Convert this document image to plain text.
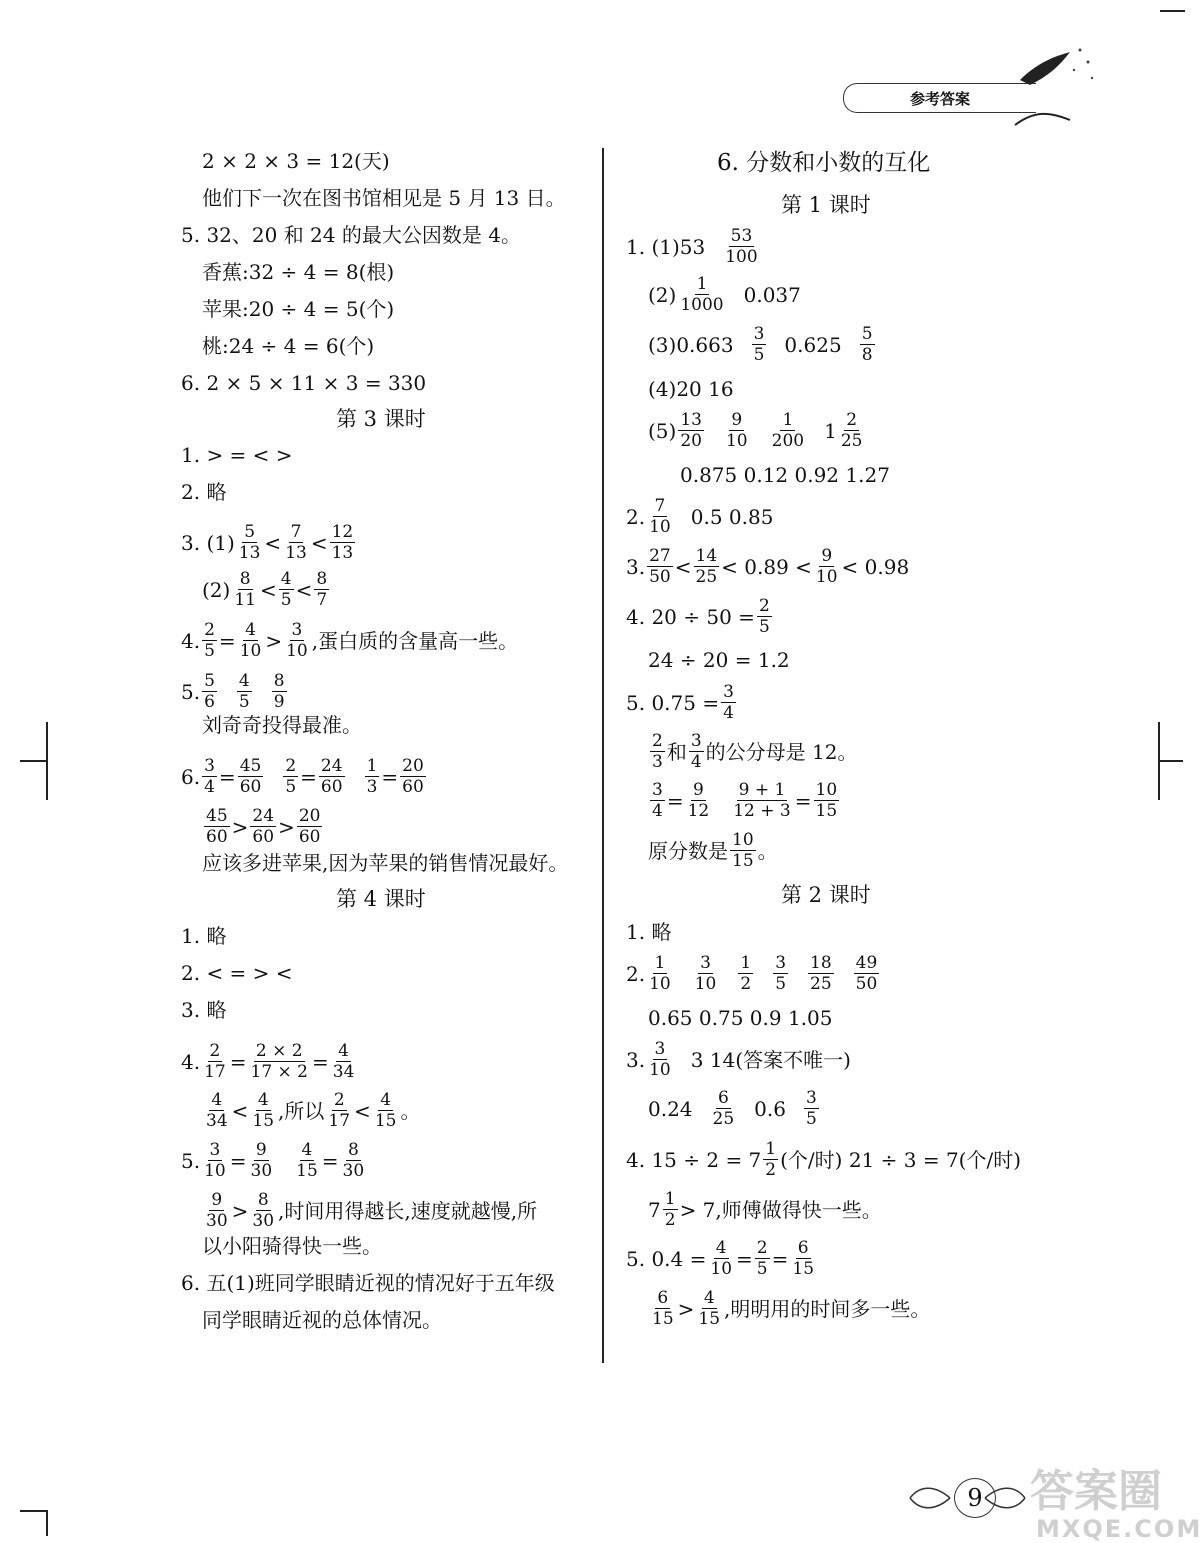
参考答案
2 × 2 × 3 = 12(天)
他们下一次在图书馆相见是 5 月 13 日。
5. 32、20 和 24 的最大公因数是 4。
香蕉:32 ÷ 4 = 8(根)
苹果:20 ÷ 4 = 5(个)
桃:24 ÷ 4 = 6(个)
6. 2 × 5 × 11 × 3 = 330
第 3 课时
1. > = < >
2. 略
3. $(1) \frac{5}{13} < \frac{7}{13} < \frac{12}{13}$
$(2) \frac{8}{11} < \frac{4}{5} < \frac{8}{7}$
4. $\frac{2}{5} = \frac{4}{10} > \frac{3}{10}$ ,蛋白质的含量高一些。
5. $\frac{5}{6} \frac{4}{5} \frac{8}{9}$
刘奇奇投得最准。
6. $\frac{3}{4} = \frac{45}{60} \frac{2}{5} = \frac{24}{60} \frac{1}{3} = \frac{20}{60}$
$\frac{45}{60} > \frac{24}{60} > \frac{20}{60}$
应该多进苹果,因为苹果的销售情况最好。
第 4 课时
1. 略
2. < = > <
3. 略
4. $\frac{2}{17} = \frac{2 \times 2}{17 \times 2} = \frac{4}{34}$
$\frac{4}{34} < \frac{4}{15}$ ,所以 $\frac{2}{17} < \frac{4}{15}$ 。
5. $\frac{3}{10} = \frac{9}{30} \frac{4}{15} = \frac{8}{30}$
$\frac{9}{30} > \frac{8}{30}$ ,时间用得越长,速度就越慢,所
以小阳骑得快一些。
6. 五(1)班同学眼睛近视的情况好于五年级
同学眼睛近视的总体情况。
6. 分数和小数的互化
第 1 课时
1. $(1)53 \frac{53}{100}$
$(2) \frac{1}{1000} 0.037$
$(3)0.663 \frac{3}{5} 0.625 \frac{5}{8}$
(4)20 16
$(5) \frac{13}{20} \frac{9}{10} \frac{1}{200} 1 \frac{2}{25}$
0.875 0.12 0.92 1.27
2. $\frac{7}{10} 0.5$ 0.85
3. $\frac{27}{50} < \frac{14}{25} < 0.89 < \frac{9}{10} < 0.98$
4. $20 \div 50 = \frac{2}{5}$
24 ÷ 20 = 1.2
5. $0.75 = \frac{3}{4}$
$\frac{2}{3}$ 和 $\frac{3}{4}$ 的公分母是 12。
$\frac{3}{4} = \frac{9}{12} \frac{9 + 1}{12 + 3} = \frac{10}{15}$
原分数是 $\frac{10}{15}$ 。
第 2 课时
1. 略
2. $\frac{1}{10} \frac{3}{10} \frac{1}{2} \frac{3}{5} \frac{18}{25} \frac{49}{50}$
0.65 0.75 0.9 1.05
3. $\frac{3}{10} 3$ 14(答案不唯一)
$0.24 \frac{6}{25} 0.6 \frac{3}{5}$
4. $15 \div 2 = 7 \frac{1}{2}$ (个/时) 21 ÷ 3 = 7(个/时)
$7 \frac{1}{2} > 7$,师傅做得快一些。
5. $0.4 = \frac{4}{10} = \frac{2}{5} = \frac{6}{15}$
$\frac{6}{15} > \frac{4}{15}$ ,明明用的时间多一些。
9	答案圈
MXQE.COM
